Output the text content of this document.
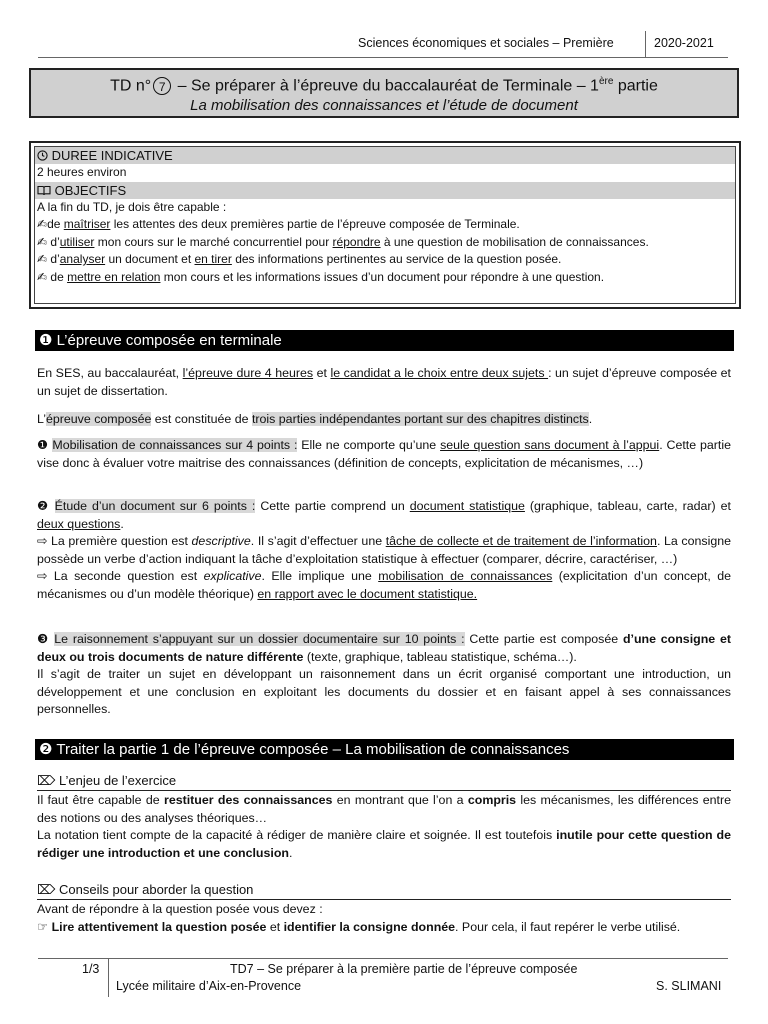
Sciences économiques et sociales – Première	2020-2021
TD n° 7 – Se préparer à l’épreuve du baccalauréat de Terminale – 1ère partie
La mobilisation des connaissances et l’étude de document
DUREE INDICATIVE
2 heures environ
OBJECTIFS
A la fin du TD, je dois être capable :
✍de maîtriser les attentes des deux premières partie de l’épreuve composée de Terminale.
✍ d’utiliser mon cours sur le marché concurrentiel pour répondre à une question de mobilisation de connaissances.
✍ d’analyser un document et en tirer des informations pertinentes au service de la question posée.
✍ de mettre en relation mon cours et les informations issues d’un document pour répondre à une question.
❶ L’épreuve composée en terminale
En SES, au baccalauréat, l’épreuve dure 4 heures et le candidat a le choix entre deux sujets : un sujet d’épreuve composée et un sujet de dissertation.
L’épreuve composée est constituée de trois parties indépendantes portant sur des chapitres distincts.
❶ Mobilisation de connaissances sur 4 points : Elle ne comporte qu’une seule question sans document à l’appui. Cette partie vise donc à évaluer votre maitrise des connaissances (définition de concepts, explicitation de mécanismes, …)
❷ Étude d’un document sur 6 points : Cette partie comprend un document statistique (graphique, tableau, carte, radar) et deux questions.
⇨ La première question est descriptive. Il s’agit d’effectuer une tâche de collecte et de traitement de l’information. La consigne possède un verbe d’action indiquant la tâche d’exploitation statistique à effectuer (comparer, décrire, caractériser, …)
⇨ La seconde question est explicative. Elle implique une mobilisation de connaissances (explicitation d’un concept, de mécanismes ou d’un modèle théorique) en rapport avec le document statistique.
❸ Le raisonnement s’appuyant sur un dossier documentaire sur 10 points : Cette partie est composée d’une consigne et deux ou trois documents de nature différente (texte, graphique, tableau statistique, schéma…).
Il s’agit de traiter un sujet en développant un raisonnement dans un écrit organisé comportant une introduction, un développement et une conclusion en exploitant les documents du dossier et en faisant appel à ses connaissances personnelles.
❷ Traiter la partie 1 de l’épreuve composée – La mobilisation de connaissances
⌦ L’enjeu de l’exercice
Il faut être capable de restituer des connaissances en montrant que l’on a compris les mécanismes, les différences entre des notions ou des analyses théoriques…
La notation tient compte de la capacité à rédiger de manière claire et soignée. Il est toutefois inutile pour cette question de rédiger une introduction et une conclusion.
⌦ Conseils pour aborder la question
Avant de répondre à la question posée vous devez :
☞ Lire attentivement la question posée et identifier la consigne donnée. Pour cela, il faut repérer le verbe utilisé.
1/3	TD7 – Se préparer à la première partie de l’épreuve composée
Lycée militaire d’Aix-en-Provence	S. SLIMANI
